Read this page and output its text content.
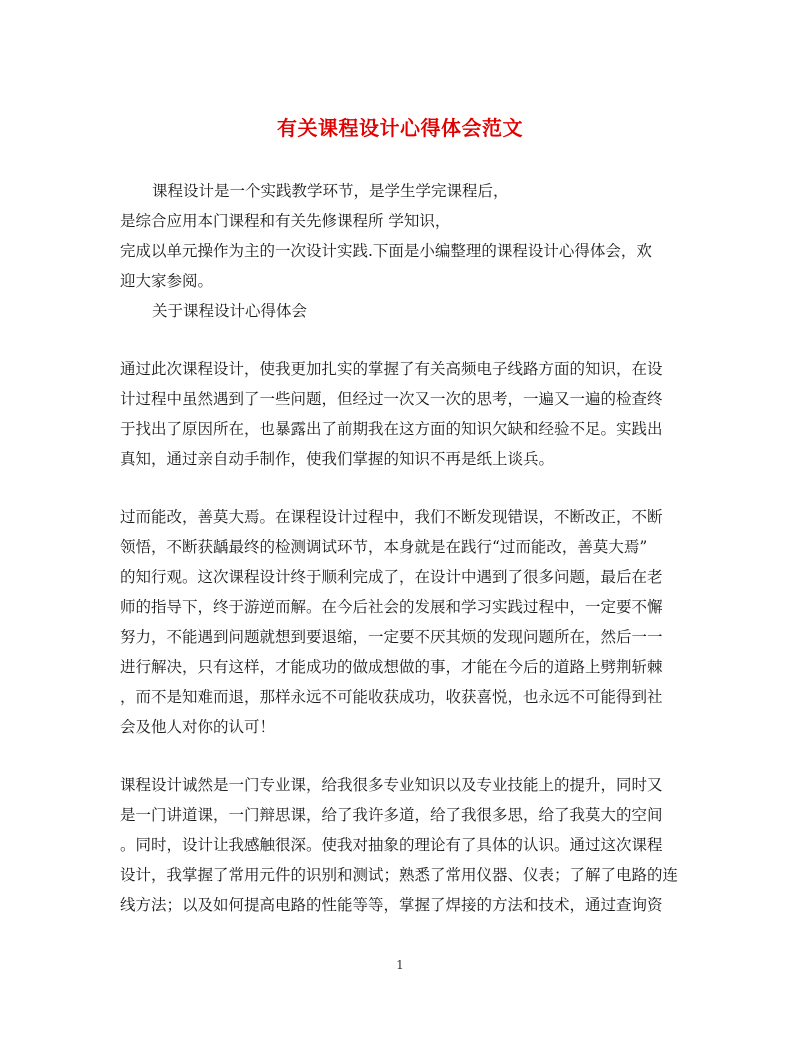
有关课程设计心得体会范文
课程设计是一个实践教学环节，是学生学完课程后，
是综合应用本门课程和有关先修课程所 学知识，
完成以单元操作为主的一次设计实践.下面是小编整理的课程设计心得体会，欢
迎大家参阅。
关于课程设计心得体会
通过此次课程设计，使我更加扎实的掌握了有关高频电子线路方面的知识，在设
计过程中虽然遇到了一些问题，但经过一次又一次的思考，一遍又一遍的检查终
于找出了原因所在，也暴露出了前期我在这方面的知识欠缺和经验不足。实践出
真知，通过亲自动手制作，使我们掌握的知识不再是纸上谈兵。
过而能改，善莫大焉。在课程设计过程中，我们不断发现错误，不断改正，不断
领悟，不断获龋最终的检测调试环节，本身就是在践行“过而能改，善莫大焉”
的知行观。这次课程设计终于顺利完成了，在设计中遇到了很多问题，最后在老
师的指导下，终于游逆而解。在今后社会的发展和学习实践过程中，一定要不懈
努力，不能遇到问题就想到要退缩，一定要不厌其烦的发现问题所在，然后一一
进行解决，只有这样，才能成功的做成想做的事，才能在今后的道路上劈荆斩棘
，而不是知难而退，那样永远不可能收获成功，收获喜悦，也永远不可能得到社
会及他人对你的认可！
课程设计诚然是一门专业课，给我很多专业知识以及专业技能上的提升，同时又
是一门讲道课，一门辩思课，给了我许多道，给了我很多思，给了我莫大的空间
。同时，设计让我感触很深。使我对抽象的理论有了具体的认识。通过这次课程
设计，我掌握了常用元件的识别和测试；熟悉了常用仪器、仪表；了解了电路的连
线方法；以及如何提高电路的性能等等，掌握了焊接的方法和技术，通过查询资
1
